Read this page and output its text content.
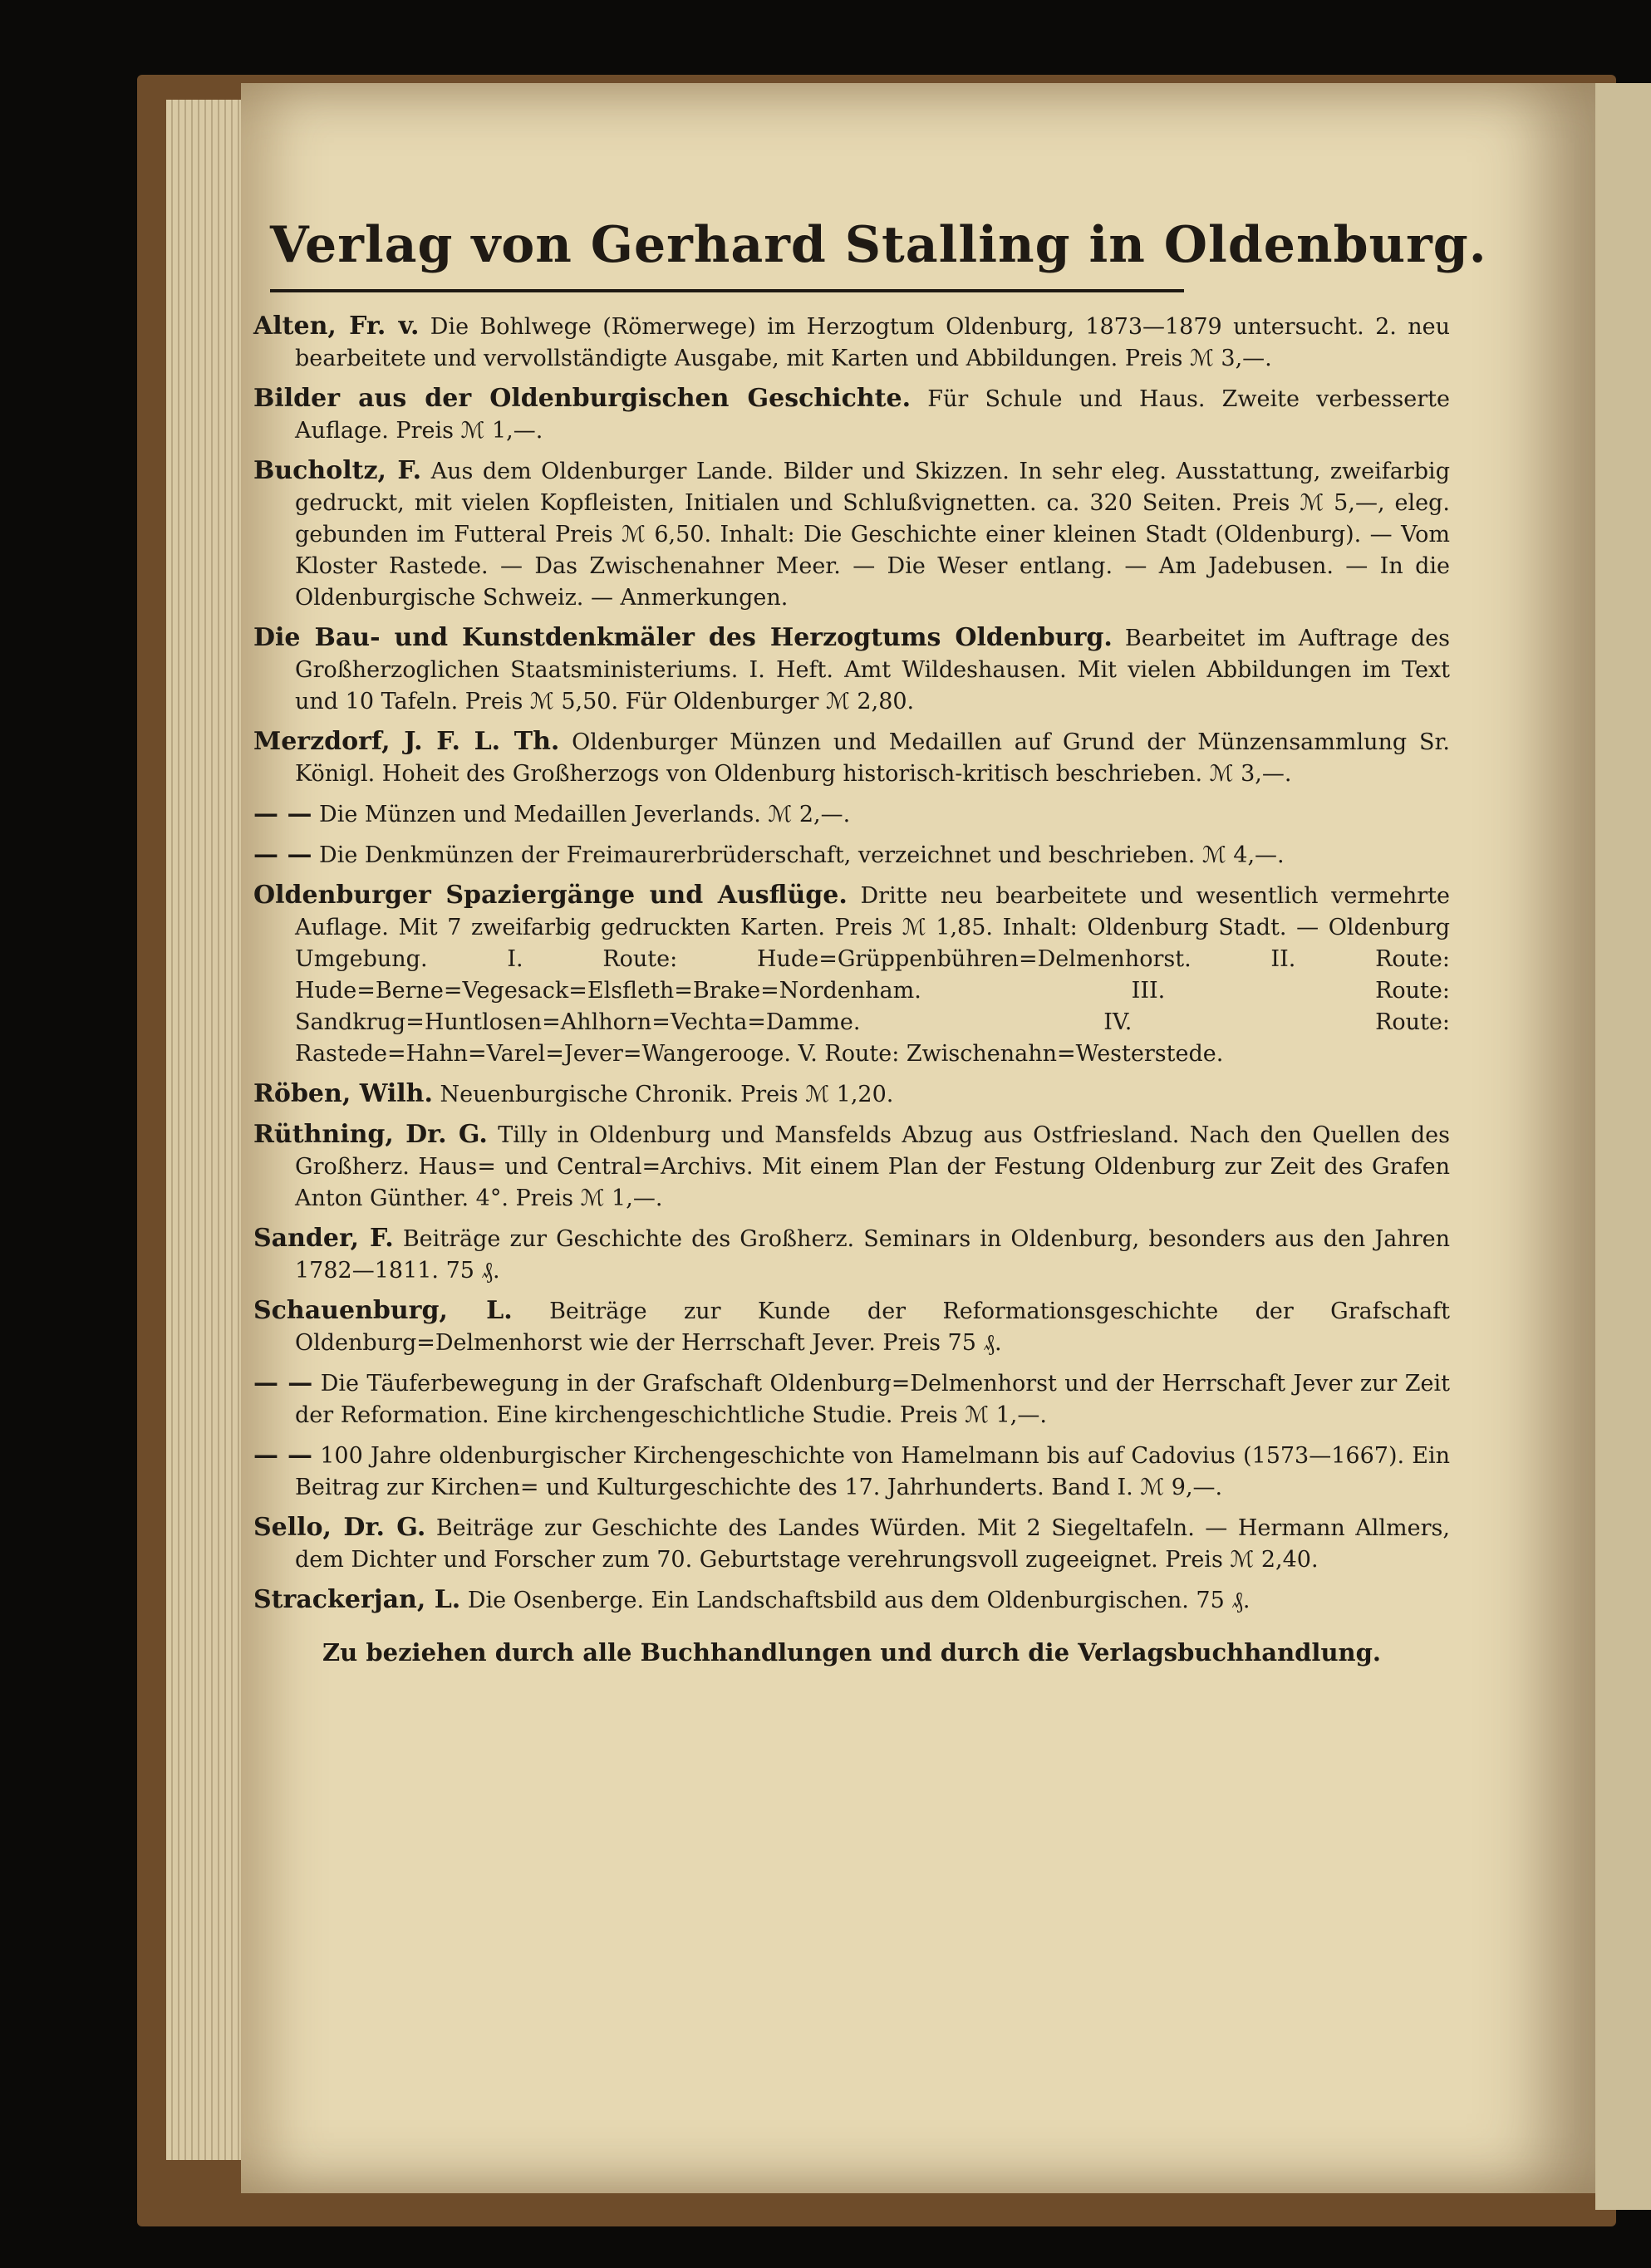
Verlag von Gerhard Stalling in Oldenburg.
Alten, Fr. v. Die Bohlwege (Römerwege) im Herzogtum Oldenburg, 1873—1879 untersucht. 2. neu bearbeitete und vervollständigte Ausgabe, mit Karten und Abbildungen. Preis ℳ 3,—.
Bilder aus der Oldenburgischen Geschichte. Für Schule und Haus. Zweite verbesserte Auflage. Preis ℳ 1,—.
Bucholtz, F. Aus dem Oldenburger Lande. Bilder und Skizzen. In sehr eleg. Ausstattung, zweifarbig gedruckt, mit vielen Kopfleisten, Initialen und Schlußvignetten. ca. 320 Seiten. Preis ℳ 5,—, eleg. gebunden im Futteral Preis ℳ 6,50. Inhalt: Die Geschichte einer kleinen Stadt (Oldenburg). — Vom Kloster Rastede. — Das Zwischenahner Meer. — Die Weser entlang. — Am Jadebusen. — In die Oldenburgische Schweiz. — Anmerkungen.
Die Bau- und Kunstdenkmäler des Herzogtums Oldenburg. Bearbeitet im Auftrage des Großherzoglichen Staatsministeriums. I. Heft. Amt Wildeshausen. Mit vielen Abbildungen im Text und 10 Tafeln. Preis ℳ 5,50. Für Oldenburger ℳ 2,80.
Merzdorf, J. F. L. Th. Oldenburger Münzen und Medaillen auf Grund der Münzensammlung Sr. Königl. Hoheit des Großherzogs von Oldenburg historisch-kritisch beschrieben. ℳ 3,—.
— — Die Münzen und Medaillen Jeverlands. ℳ 2,—.
— — Die Denkmünzen der Freimaurerbrüderschaft, verzeichnet und beschrieben. ℳ 4,—.
Oldenburger Spaziergänge und Ausflüge. Dritte neu bearbeitete und wesentlich vermehrte Auflage. Mit 7 zweifarbig gedruckten Karten. Preis ℳ 1,85. Inhalt: Oldenburg Stadt. — Oldenburg Umgebung. I. Route: Hude=Grüppenbühren=Delmenhorst. II. Route: Hude=Berne=Vegesack=Elsfleth=Brake=Nordenham. III. Route: Sandkrug=Huntlosen=Ahlhorn=Vechta=Damme. IV. Route: Rastede=Hahn=Varel=Jever=Wangerooge. V. Route: Zwischenahn=Westerstede.
Röben, Wilh. Neuenburgische Chronik. Preis ℳ 1,20.
Rüthning, Dr. G. Tilly in Oldenburg und Mansfelds Abzug aus Ostfriesland. Nach den Quellen des Großherz. Haus= und Central=Archivs. Mit einem Plan der Festung Oldenburg zur Zeit des Grafen Anton Günther. 4°. Preis ℳ 1,—.
Sander, F. Beiträge zur Geschichte des Großherz. Seminars in Oldenburg, besonders aus den Jahren 1782—1811. 75 ₰.
Schauenburg, L. Beiträge zur Kunde der Reformationsgeschichte der Grafschaft Oldenburg=Delmenhorst wie der Herrschaft Jever. Preis 75 ₰.
— — Die Täuferbewegung in der Grafschaft Oldenburg=Delmenhorst und der Herrschaft Jever zur Zeit der Reformation. Eine kirchengeschichtliche Studie. Preis ℳ 1,—.
— — 100 Jahre oldenburgischer Kirchengeschichte von Hamelmann bis auf Cadovius (1573—1667). Ein Beitrag zur Kirchen= und Kulturgeschichte des 17. Jahrhunderts. Band I. ℳ 9,—.
Sello, Dr. G. Beiträge zur Geschichte des Landes Würden. Mit 2 Siegeltafeln. — Hermann Allmers, dem Dichter und Forscher zum 70. Geburtstage verehrungsvoll zugeeignet. Preis ℳ 2,40.
Strackerjan, L. Die Osenberge. Ein Landschaftsbild aus dem Oldenburgischen. 75 ₰.
Zu beziehen durch alle Buchhandlungen und durch die Verlagsbuchhandlung.
